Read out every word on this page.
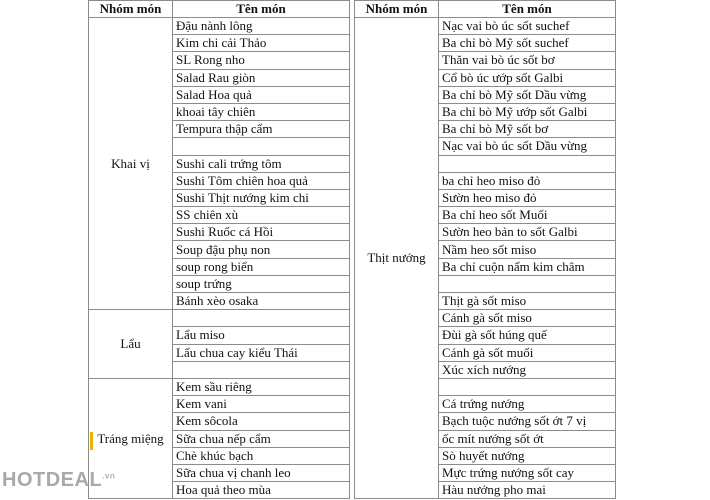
Nhóm món	Tên món
Khai vị	Đậu nành lông
	Kim chi cải Thảo
	SL Rong nho
	Salad Rau giòn
	Salad Hoa quả
	khoai tây chiên
	Tempura thập cẩm

	Sushi cali trứng tôm
	Sushi Tôm chiên hoa quả
	Sushi Thịt nướng kim chi
	SS chiên xù
	Sushi Ruốc cá Hồi
	Soup đậu phụ non
	soup rong biển
	soup trứng
	Bánh xèo osaka
Lẩu	
	Lẩu miso
	Lẩu chua cay kiểu Thái

Tráng miệng	Kem sầu riêng
	Kem vani
	Kem sôcola
	Sữa chua nếp cẩm
	Chè khúc bạch
	Sữa chua vị chanh leo
	Hoa quả theo mùa
Nhóm món	Tên món
Thịt nướng	Nạc vai bò úc sốt suchef
	Ba chỉ bò Mỹ sốt suchef
	Thăn vai bò úc sốt bơ
	Cổ bò úc ướp sốt Galbi
	Ba chỉ bò Mỹ sốt Dầu vừng
	Ba chỉ bò Mỹ ướp sốt Galbi
	Ba chỉ bò Mỹ sốt bơ
	Nạc vai bò úc sốt Dầu vừng

	ba chỉ heo miso đỏ
	Sườn heo miso đỏ
	Ba chỉ heo sốt Muối
	Sườn heo bản to sốt Galbi
	Nầm heo sốt miso
	Ba chỉ cuộn nấm kim châm

	Thịt gà sốt miso
	Cánh gà sốt miso
	Đùi gà sốt húng quế
	Cánh gà sốt muối
	Xúc xích nướng

	Cá trứng nướng
	Bạch tuộc nướng sốt ớt 7 vị
	ốc mít nướng sốt ớt
	Sò huyết nướng
	Mực trứng nướng sốt cay
	Hàu nướng pho mai
$HOTDEAL^{.vn}$
